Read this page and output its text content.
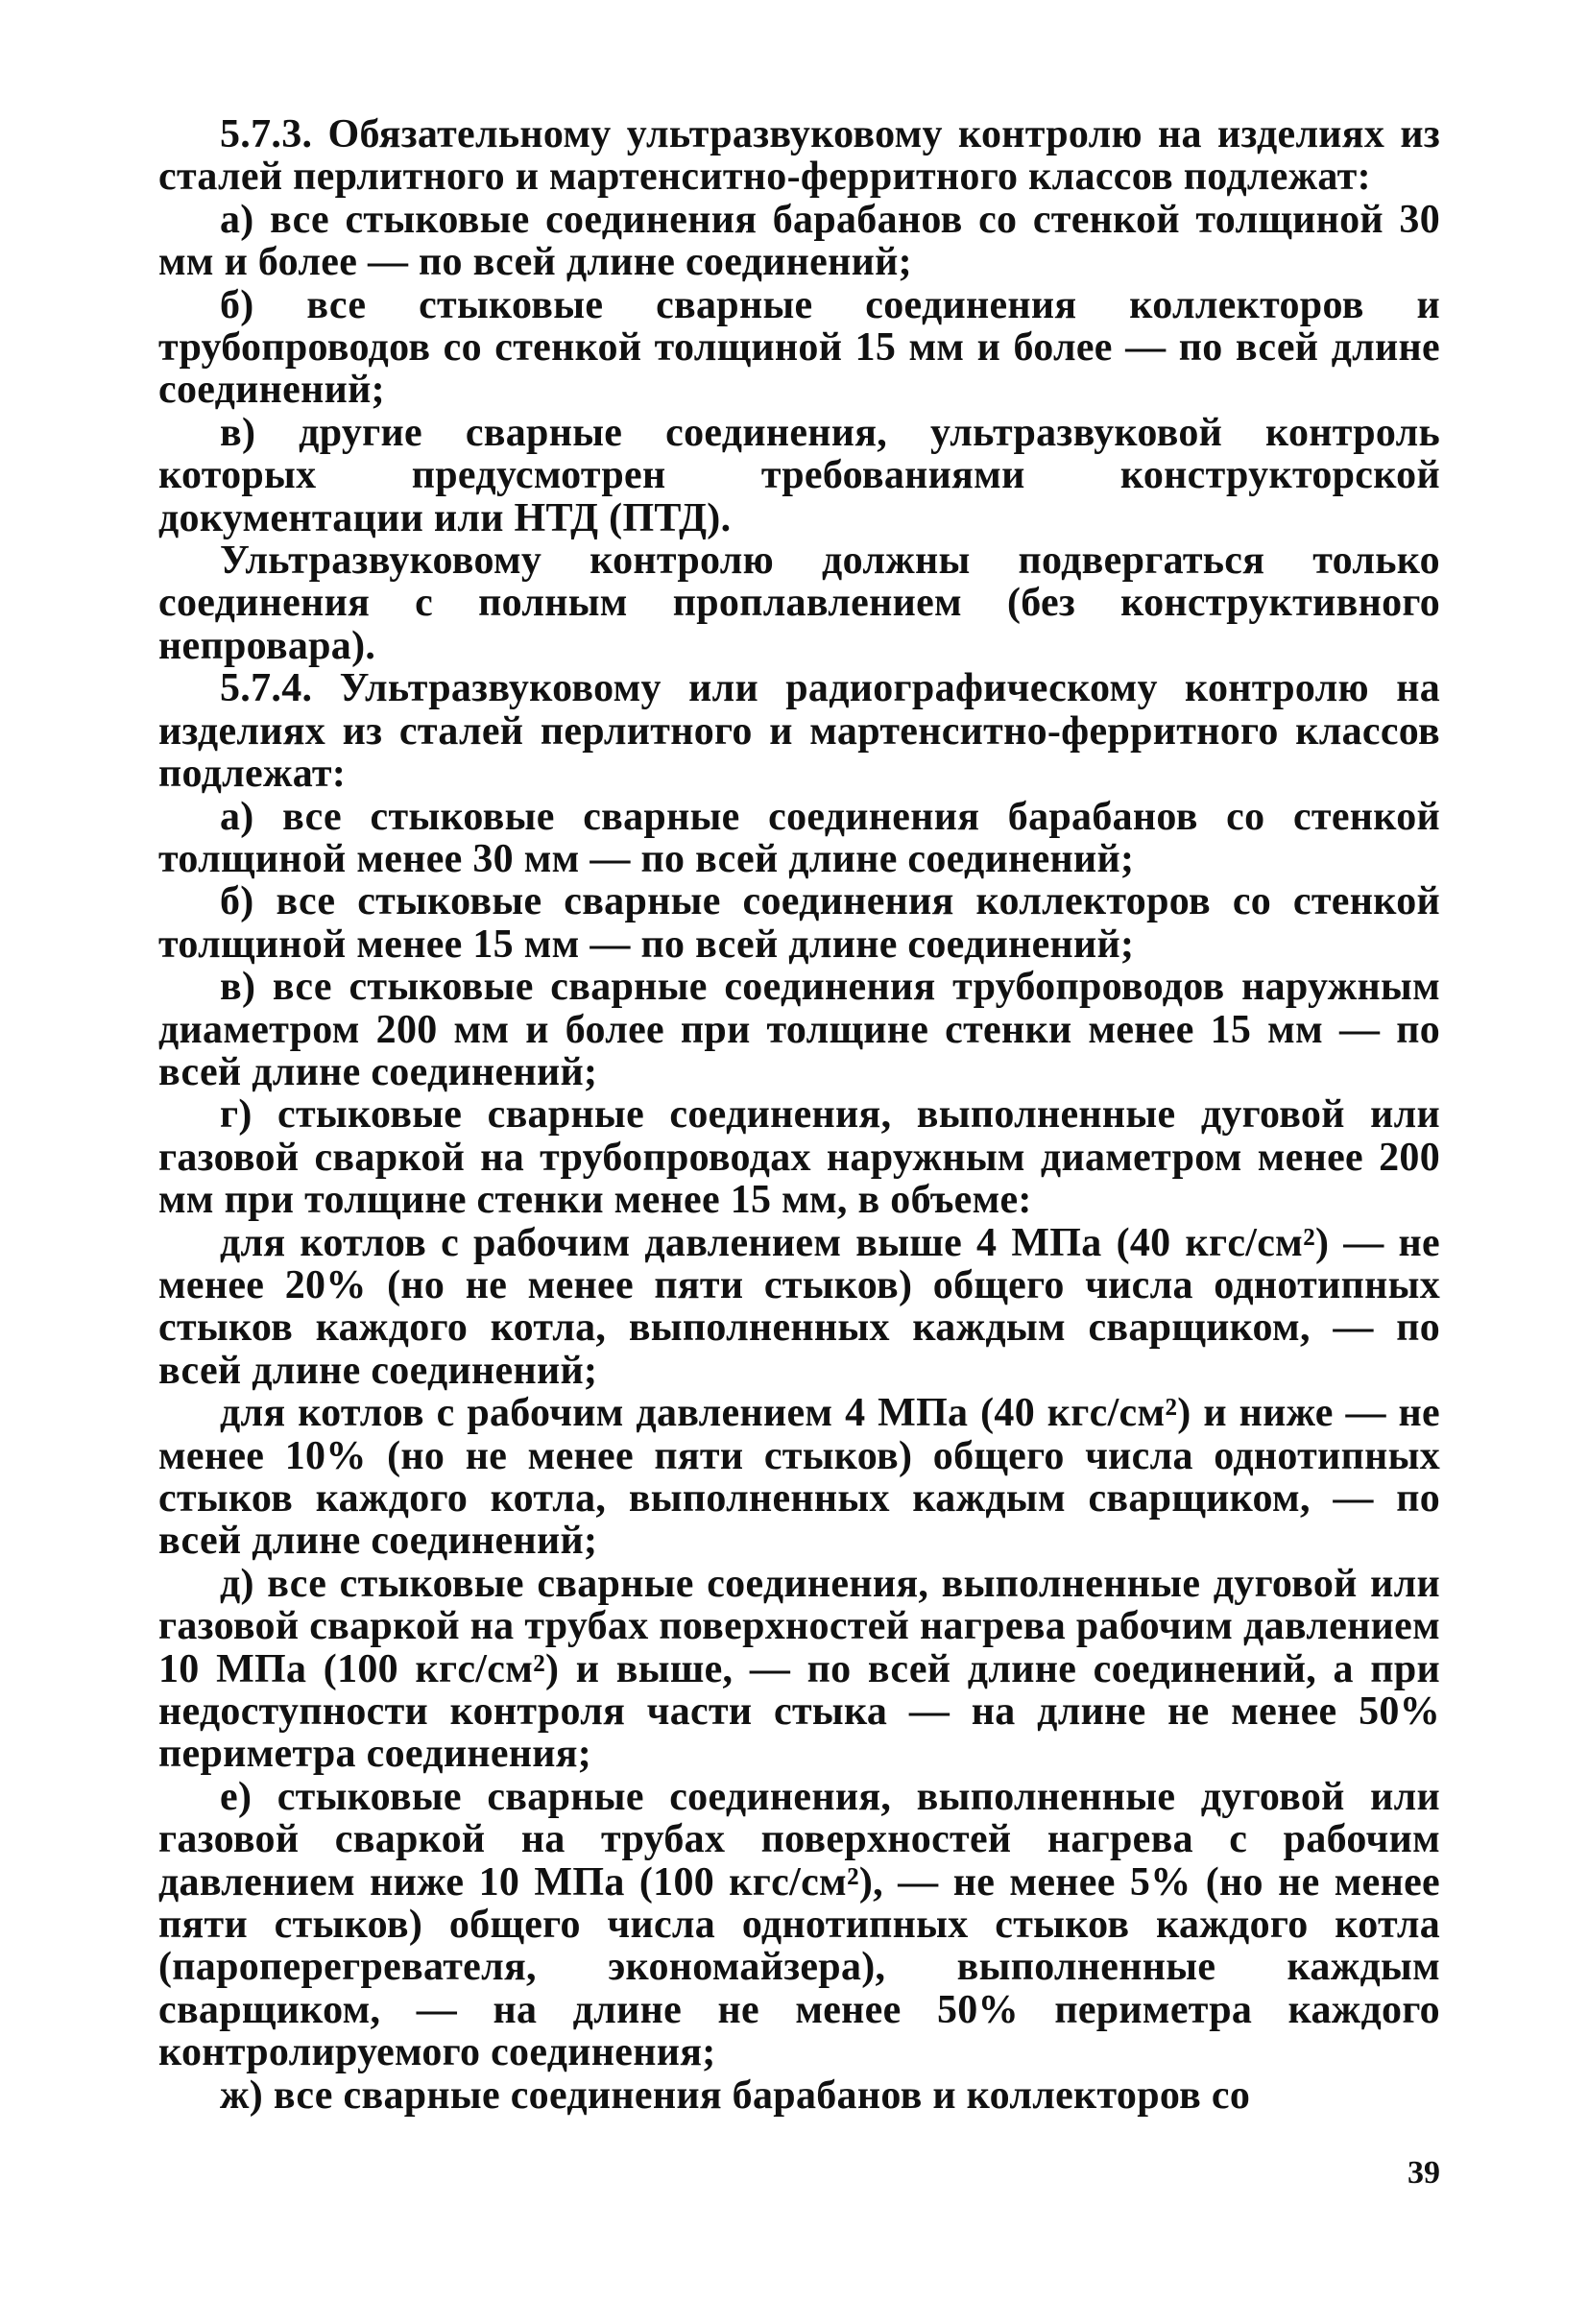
5.7.3. Обязательному ультразвуковому контролю на изделиях из сталей перлитного и мартенситно-ферритного классов подлежат:

а) все стыковые соединения барабанов со стенкой толщиной 30 мм и более — по всей длине соединений;

б) все стыковые сварные соединения коллекторов и трубопроводов со стенкой толщиной 15 мм и более — по всей длине соединений;

в) другие сварные соединения, ультразвуковой контроль которых предусмотрен требованиями конструкторской документации или НТД (ПТД).

Ультразвуковому контролю должны подвергаться только соединения с полным проплавлением (без конструктивного непровара).

5.7.4. Ультразвуковому или радиографическому контролю на изделиях из сталей перлитного и мартенситно-ферритного классов подлежат:

а) все стыковые сварные соединения барабанов со стенкой толщиной менее 30 мм — по всей длине соединений;

б) все стыковые сварные соединения коллекторов со стенкой толщиной менее 15 мм — по всей длине соединений;

в) все стыковые сварные соединения трубопроводов наружным диаметром 200 мм и более при толщине стенки менее 15 мм — по всей длине соединений;

г) стыковые сварные соединения, выполненные дуговой или газовой сваркой на трубопроводах наружным диаметром менее 200 мм при толщине стенки менее 15 мм, в объеме:

для котлов с рабочим давлением выше 4 МПа (40 кгс/см²) — не менее 20% (но не менее пяти стыков) общего числа однотипных стыков каждого котла, выполненных каждым сварщиком, — по всей длине соединений;

для котлов с рабочим давлением 4 МПа (40 кгс/см²) и ниже — не менее 10% (но не менее пяти стыков) общего числа однотипных стыков каждого котла, выполненных каждым сварщиком, — по всей длине соединений;

д) все стыковые сварные соединения, выполненные дуговой или газовой сваркой на трубах поверхностей нагрева рабочим давлением 10 МПа (100 кгс/см²) и выше, — по всей длине соединений, а при недоступности контроля части стыка — на длине не менее 50% периметра соединения;

е) стыковые сварные соединения, выполненные дуговой или газовой сваркой на трубах поверхностей нагрева с рабочим давлением ниже 10 МПа (100 кгс/см²), — не менее 5% (но не менее пяти стыков) общего числа однотипных стыков каждого котла (пароперегревателя, экономайзера), выполненные каждым сварщиком, — на длине не менее 50% периметра каждого контролируемого соединения;

ж) все сварные соединения барабанов и коллекторов со

39
